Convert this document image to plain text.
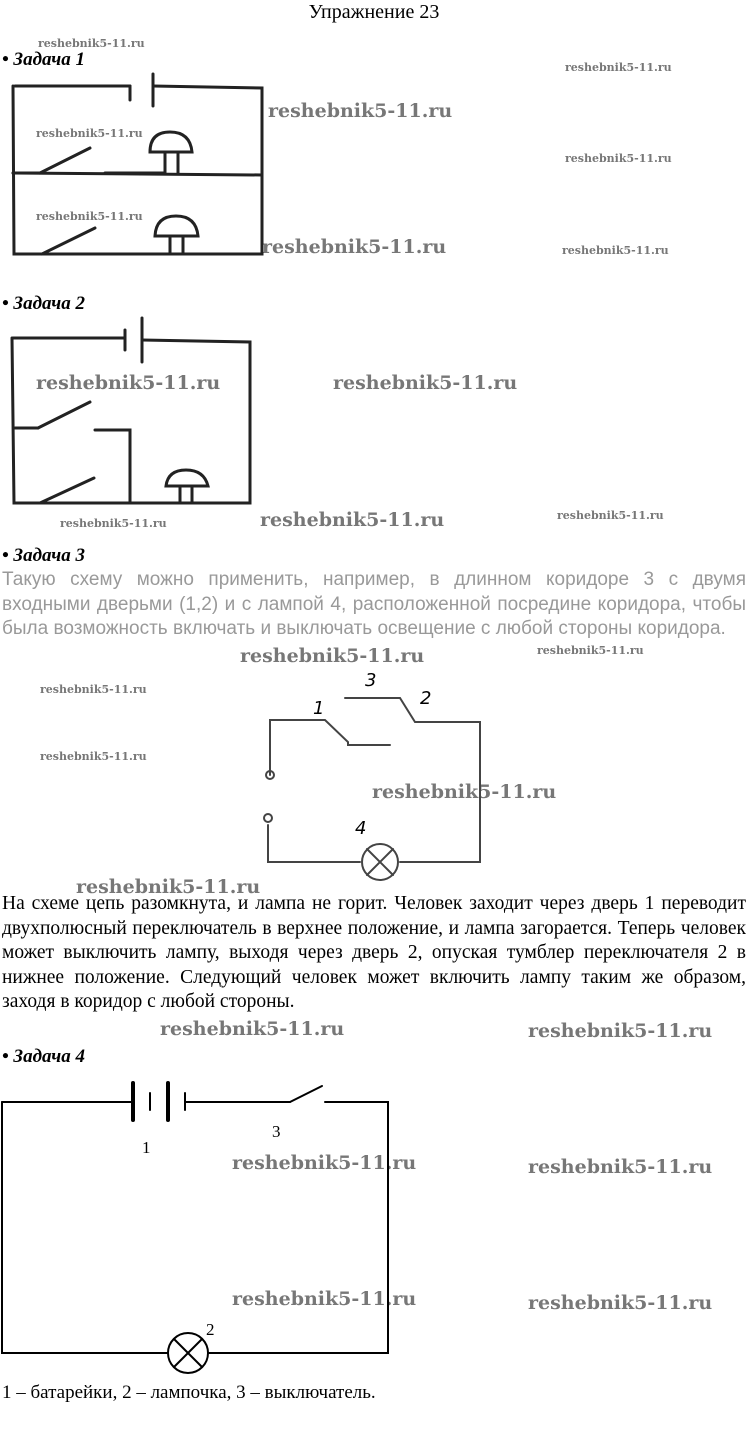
Упражнение 23
reshebnik5-11.ru
reshebnik5-11.ru
reshebnik5-11.ru
reshebnik5-11.ru
reshebnik5-11.ru
reshebnik5-11.ru
reshebnik5-11.ru	reshebnik5-11.ru
reshebnik5-11.ru	reshebnik5-11.ru
reshebnik5-11.ru	reshebnik5-11.ru	reshebnik5-11.ru
reshebnik5-11.ru	reshebnik5-11.ru
reshebnik5-11.ru
reshebnik5-11.ru
reshebnik5-11.ru
reshebnik5-11.ru
reshebnik5-11.ru	reshebnik5-11.ru
reshebnik5-11.ru	reshebnik5-11.ru
reshebnik5-11.ru	reshebnik5-11.ru
• Задача 1
• Задача 2
• Задача 3
Такую схему можно применить, например, в длинном коридоре 3 с двумя входными дверьми (1,2) и с лампой 4, расположенной посредине коридора, чтобы была возможность включать и выключать освещение с любой стороны коридора.
1	2
3
4
На схеме цепь разомкнута, и лампа не горит. Человек заходит через дверь 1 переводит двухполюсный переключатель в верхнее положение, и лампа загорается. Теперь человек может выключить лампу, выходя через дверь 2, опуская тумблер переключателя 2 в нижнее положение. Следующий человек может включить лампу таким же образом, заходя в коридор с любой стороны.
• Задача 4
1
2
3
1 – батарейки, 2 – лампочка, 3 – выключатель.
